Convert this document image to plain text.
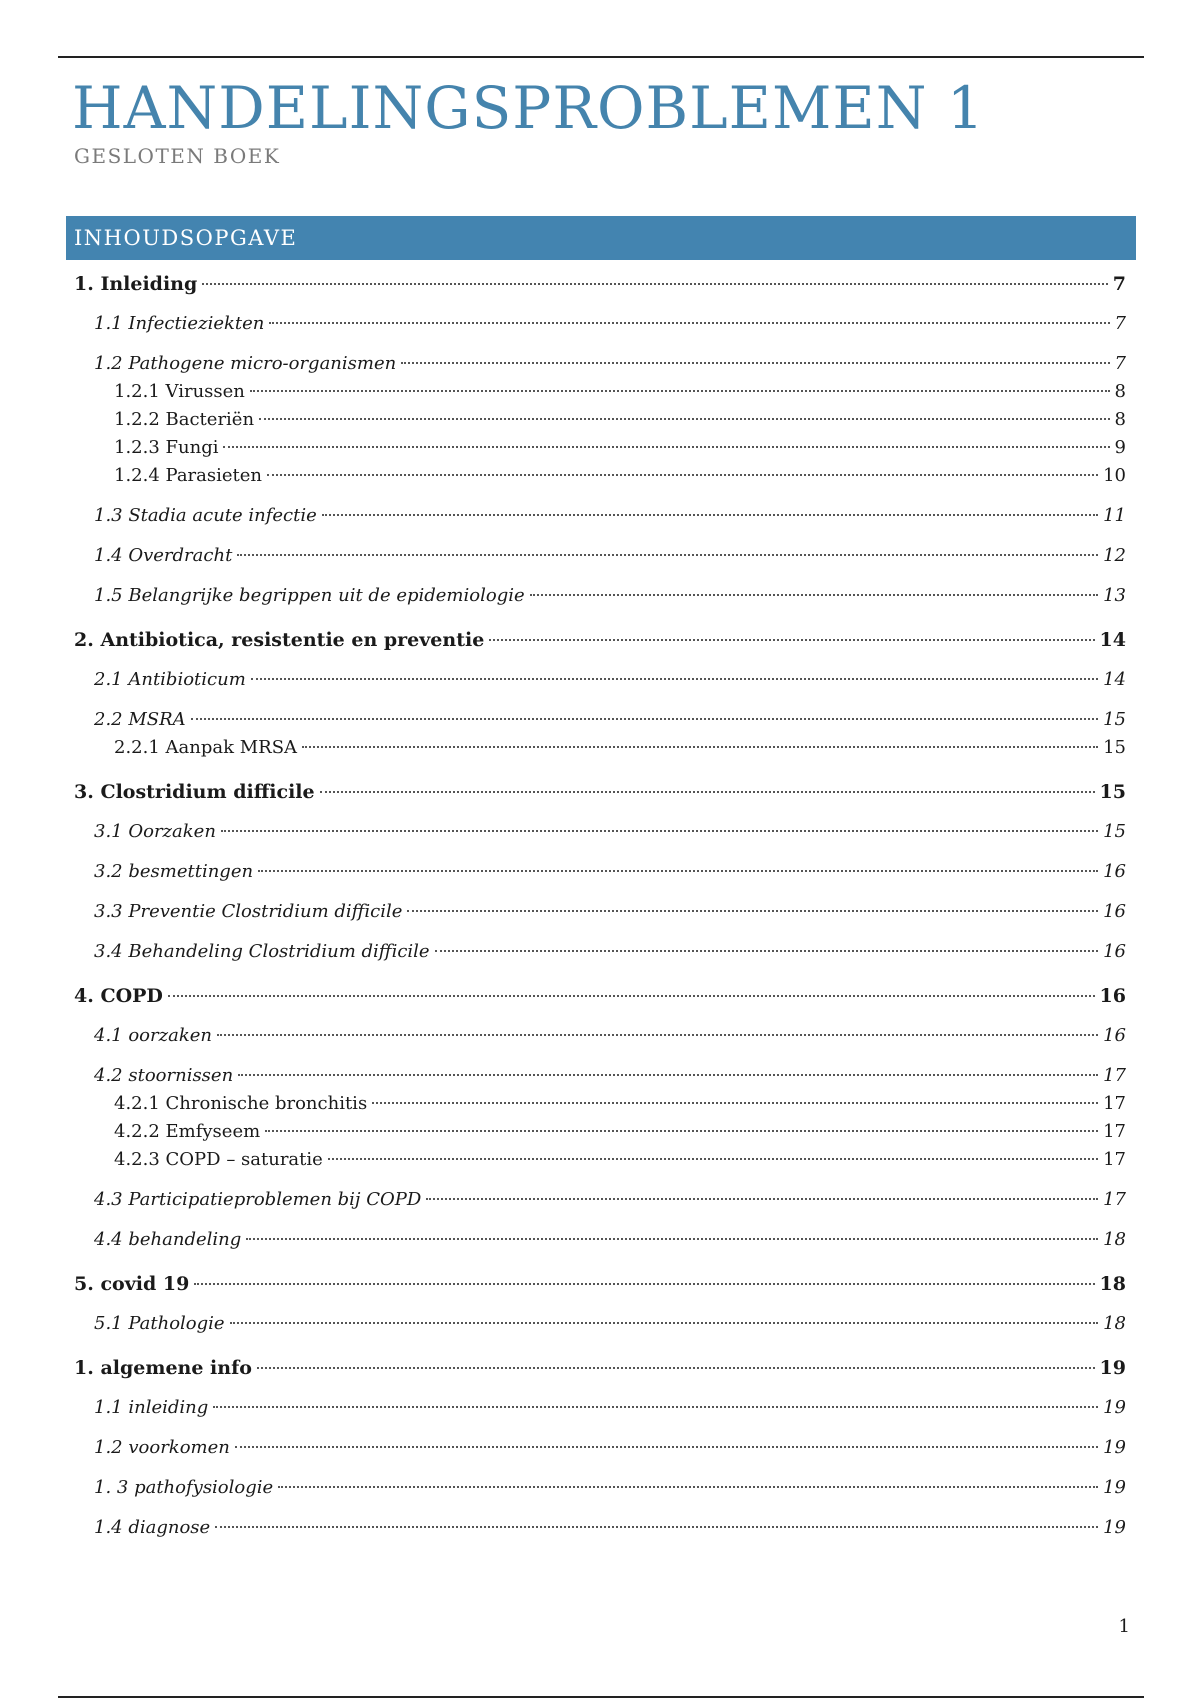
HANDELINGSPROBLEMEN 1
GESLOTEN BOEK
INHOUDSOPGAVE
1. Inleiding	7
1.1 Infectieziekten	7
1.2 Pathogene micro-organismen	7
1.2.1 Virussen	8
1.2.2 Bacteriën	8
1.2.3 Fungi	9
1.2.4 Parasieten	10
1.3 Stadia acute infectie	11
1.4 Overdracht	12
1.5 Belangrijke begrippen uit de epidemiologie	13
2. Antibiotica, resistentie en preventie	14
2.1 Antibioticum	14
2.2 MSRA	15
2.2.1 Aanpak MRSA	15
3. Clostridium difficile	15
3.1 Oorzaken	15
3.2 besmettingen	16
3.3 Preventie Clostridium difficile	16
3.4 Behandeling Clostridium difficile	16
4. COPD	16
4.1 oorzaken	16
4.2 stoornissen	17
4.2.1 Chronische bronchitis	17
4.2.2 Emfyseem	17
4.2.3 COPD – saturatie	17
4.3 Participatieproblemen bij COPD	17
4.4 behandeling	18
5. covid 19	18
5.1 Pathologie	18
1. algemene info	19
1.1 inleiding	19
1.2 voorkomen	19
1. 3 pathofysiologie	19
1.4 diagnose	19
1
